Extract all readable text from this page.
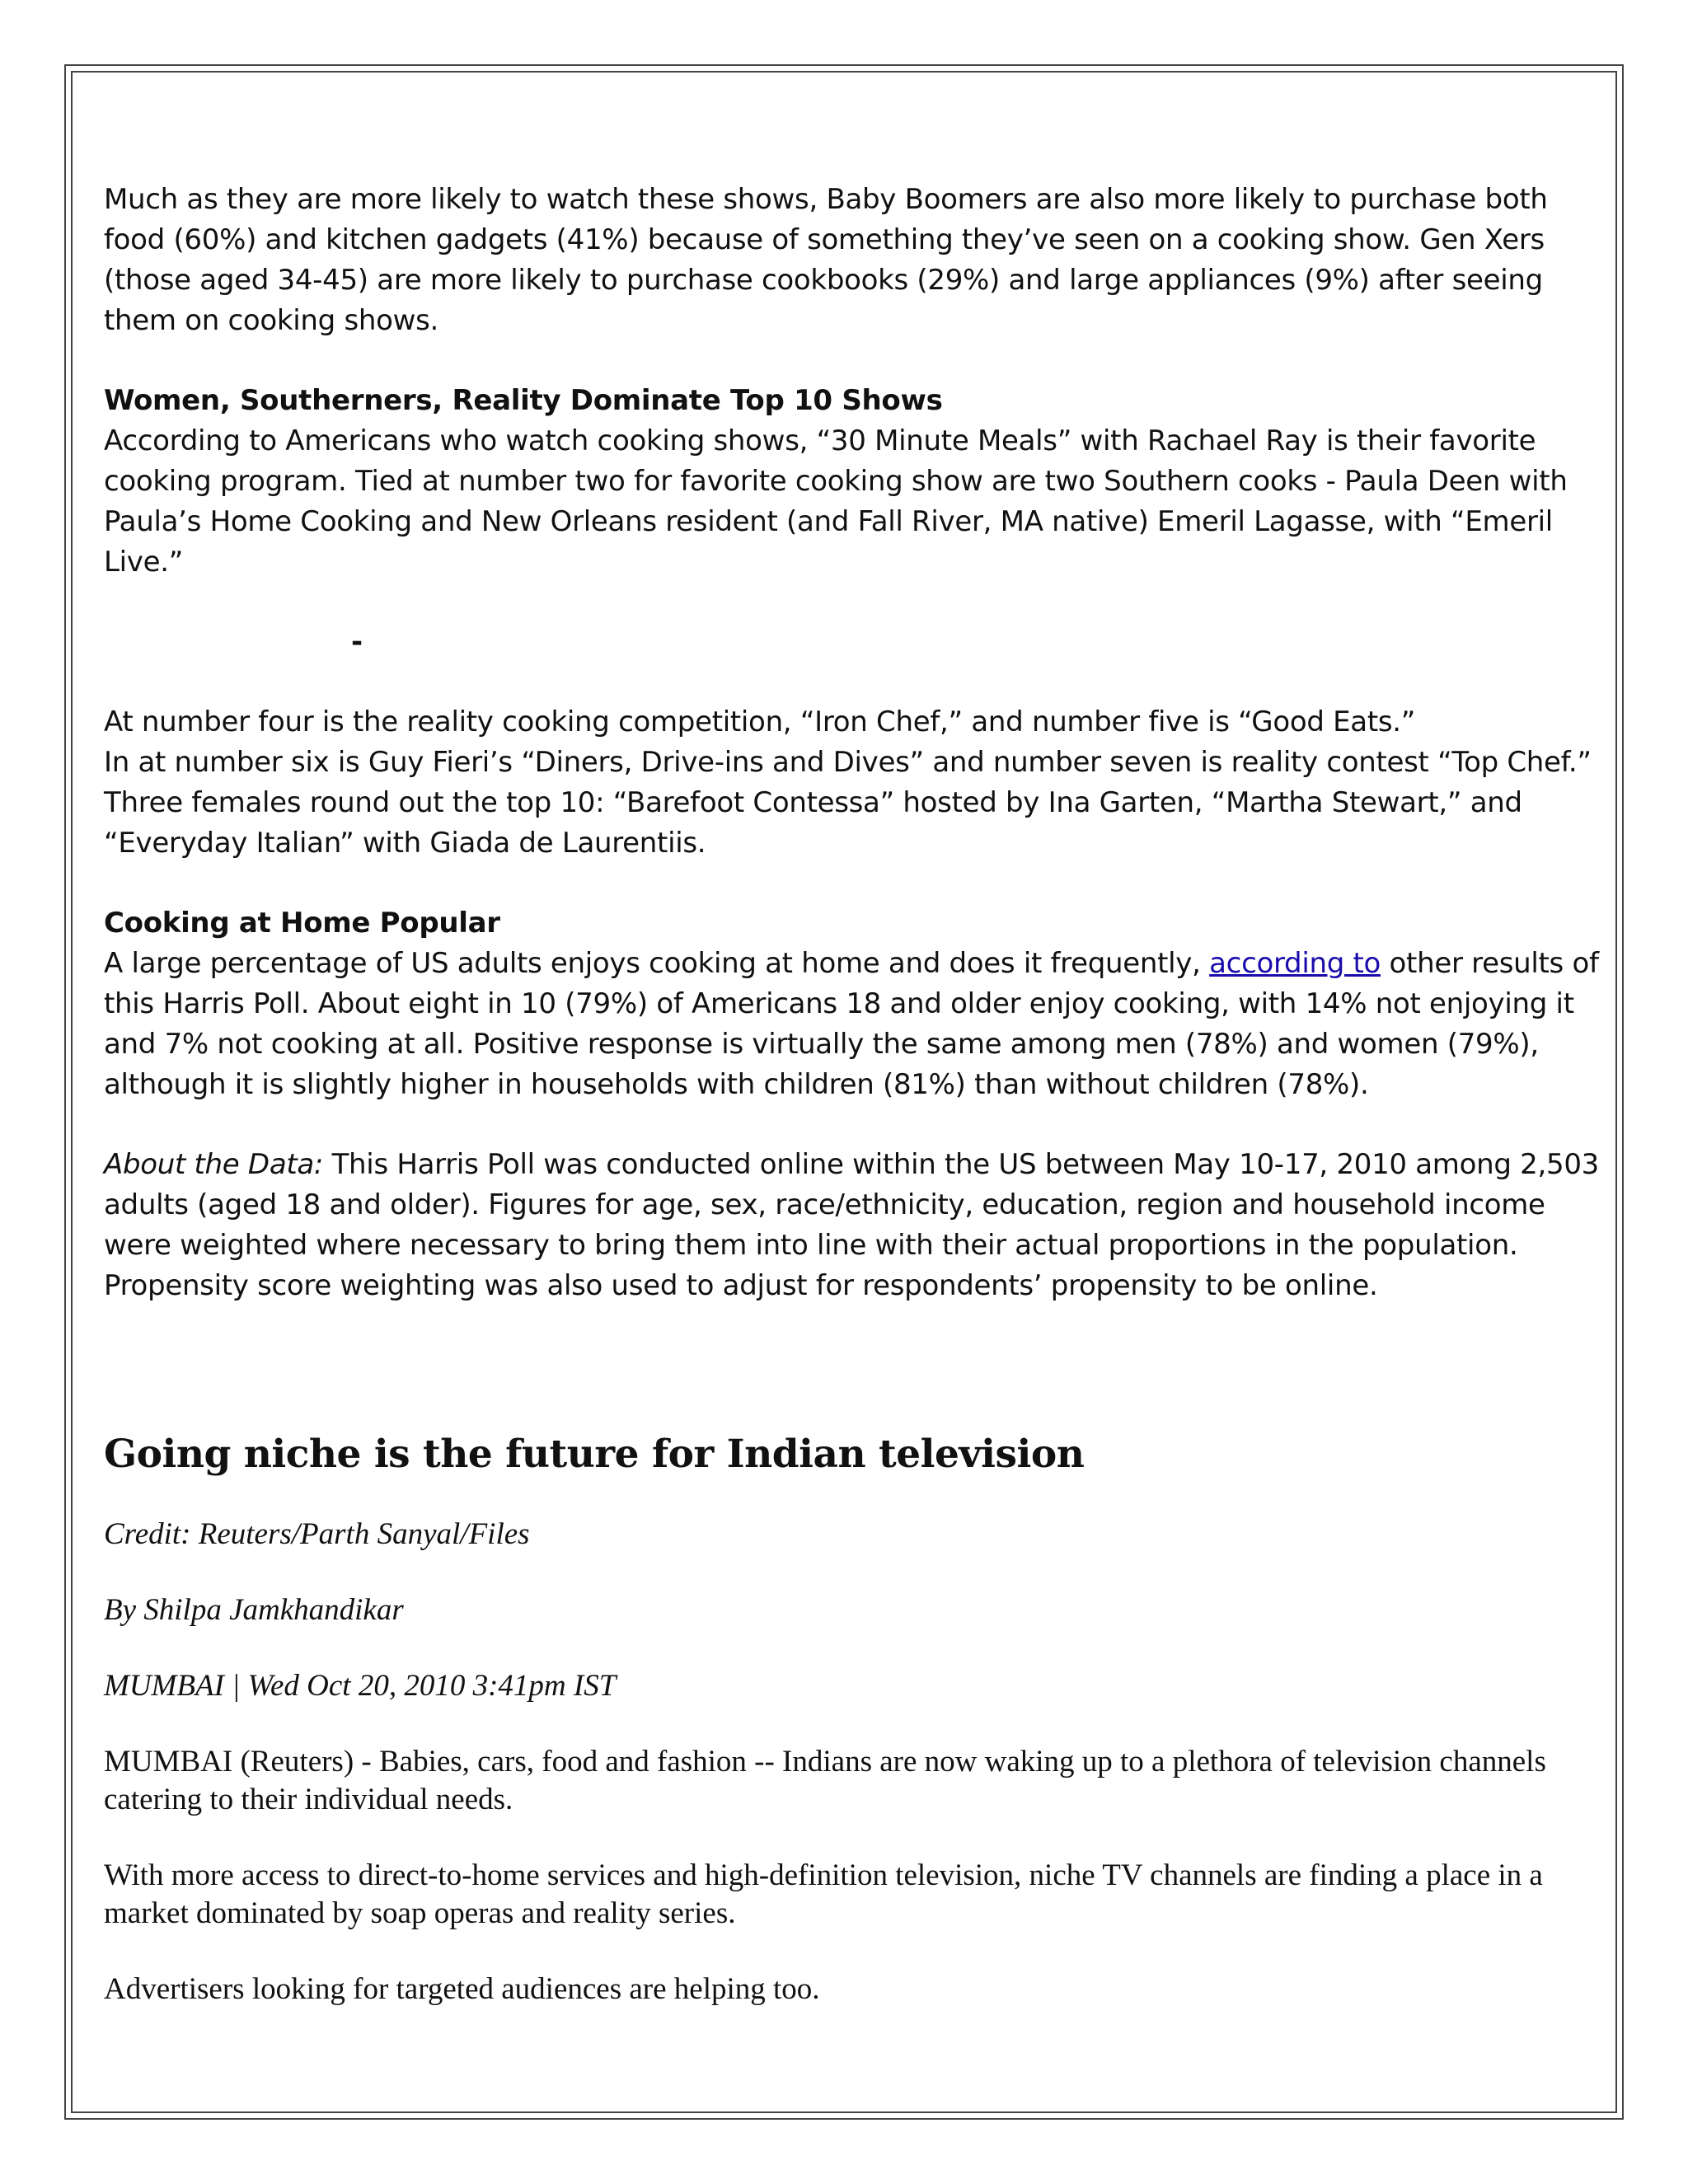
Much as they are more likely to watch these shows, Baby Boomers are also more likely to purchase both food (60%) and kitchen gadgets (41%) because of something they’ve seen on a cooking show. Gen Xers (those aged 34-45) are more likely to purchase cookbooks (29%) and large appliances (9%) after seeing them on cooking shows.

Women, Southerners, Reality Dominate Top 10 Shows

According to Americans who watch cooking shows, “30 Minute Meals” with Rachael Ray is their favorite cooking program. Tied at number two for favorite cooking show are two Southern cooks - Paula Deen with Paula’s Home Cooking and New Orleans resident (and Fall River, MA native) Emeril Lagasse, with “Emeril Live.”

-

At number four is the reality cooking competition, “Iron Chef,” and number five is “Good Eats.”

In at number six is Guy Fieri’s “Diners, Drive-ins and Dives” and number seven is reality contest “Top Chef.” Three females round out the top 10: “Barefoot Contessa” hosted by Ina Garten, “Martha Stewart,” and “Everyday Italian” with Giada de Laurentiis.

Cooking at Home Popular

A large percentage of US adults enjoys cooking at home and does it frequently, according to other results of this Harris Poll. About eight in 10 (79%) of Americans 18 and older enjoy cooking, with 14% not enjoying it and 7% not cooking at all. Positive response is virtually the same among men (78%) and women (79%), although it is slightly higher in households with children (81%) than without children (78%).

About the Data: This Harris Poll was conducted online within the US between May 10-17, 2010 among 2,503 adults (aged 18 and older). Figures for age, sex, race/ethnicity, education, region and household income were weighted where necessary to bring them into line with their actual proportions in the population. Propensity score weighting was also used to adjust for respondents’ propensity to be online.

Going niche is the future for Indian television

Credit: Reuters/Parth Sanyal/Files

By Shilpa Jamkhandikar

MUMBAI | Wed Oct 20, 2010 3:41pm IST

MUMBAI (Reuters) - Babies, cars, food and fashion -- Indians are now waking up to a plethora of television channels catering to their individual needs.

With more access to direct-to-home services and high-definition television, niche TV channels are finding a place in a market dominated by soap operas and reality series.

Advertisers looking for targeted audiences are helping too.
